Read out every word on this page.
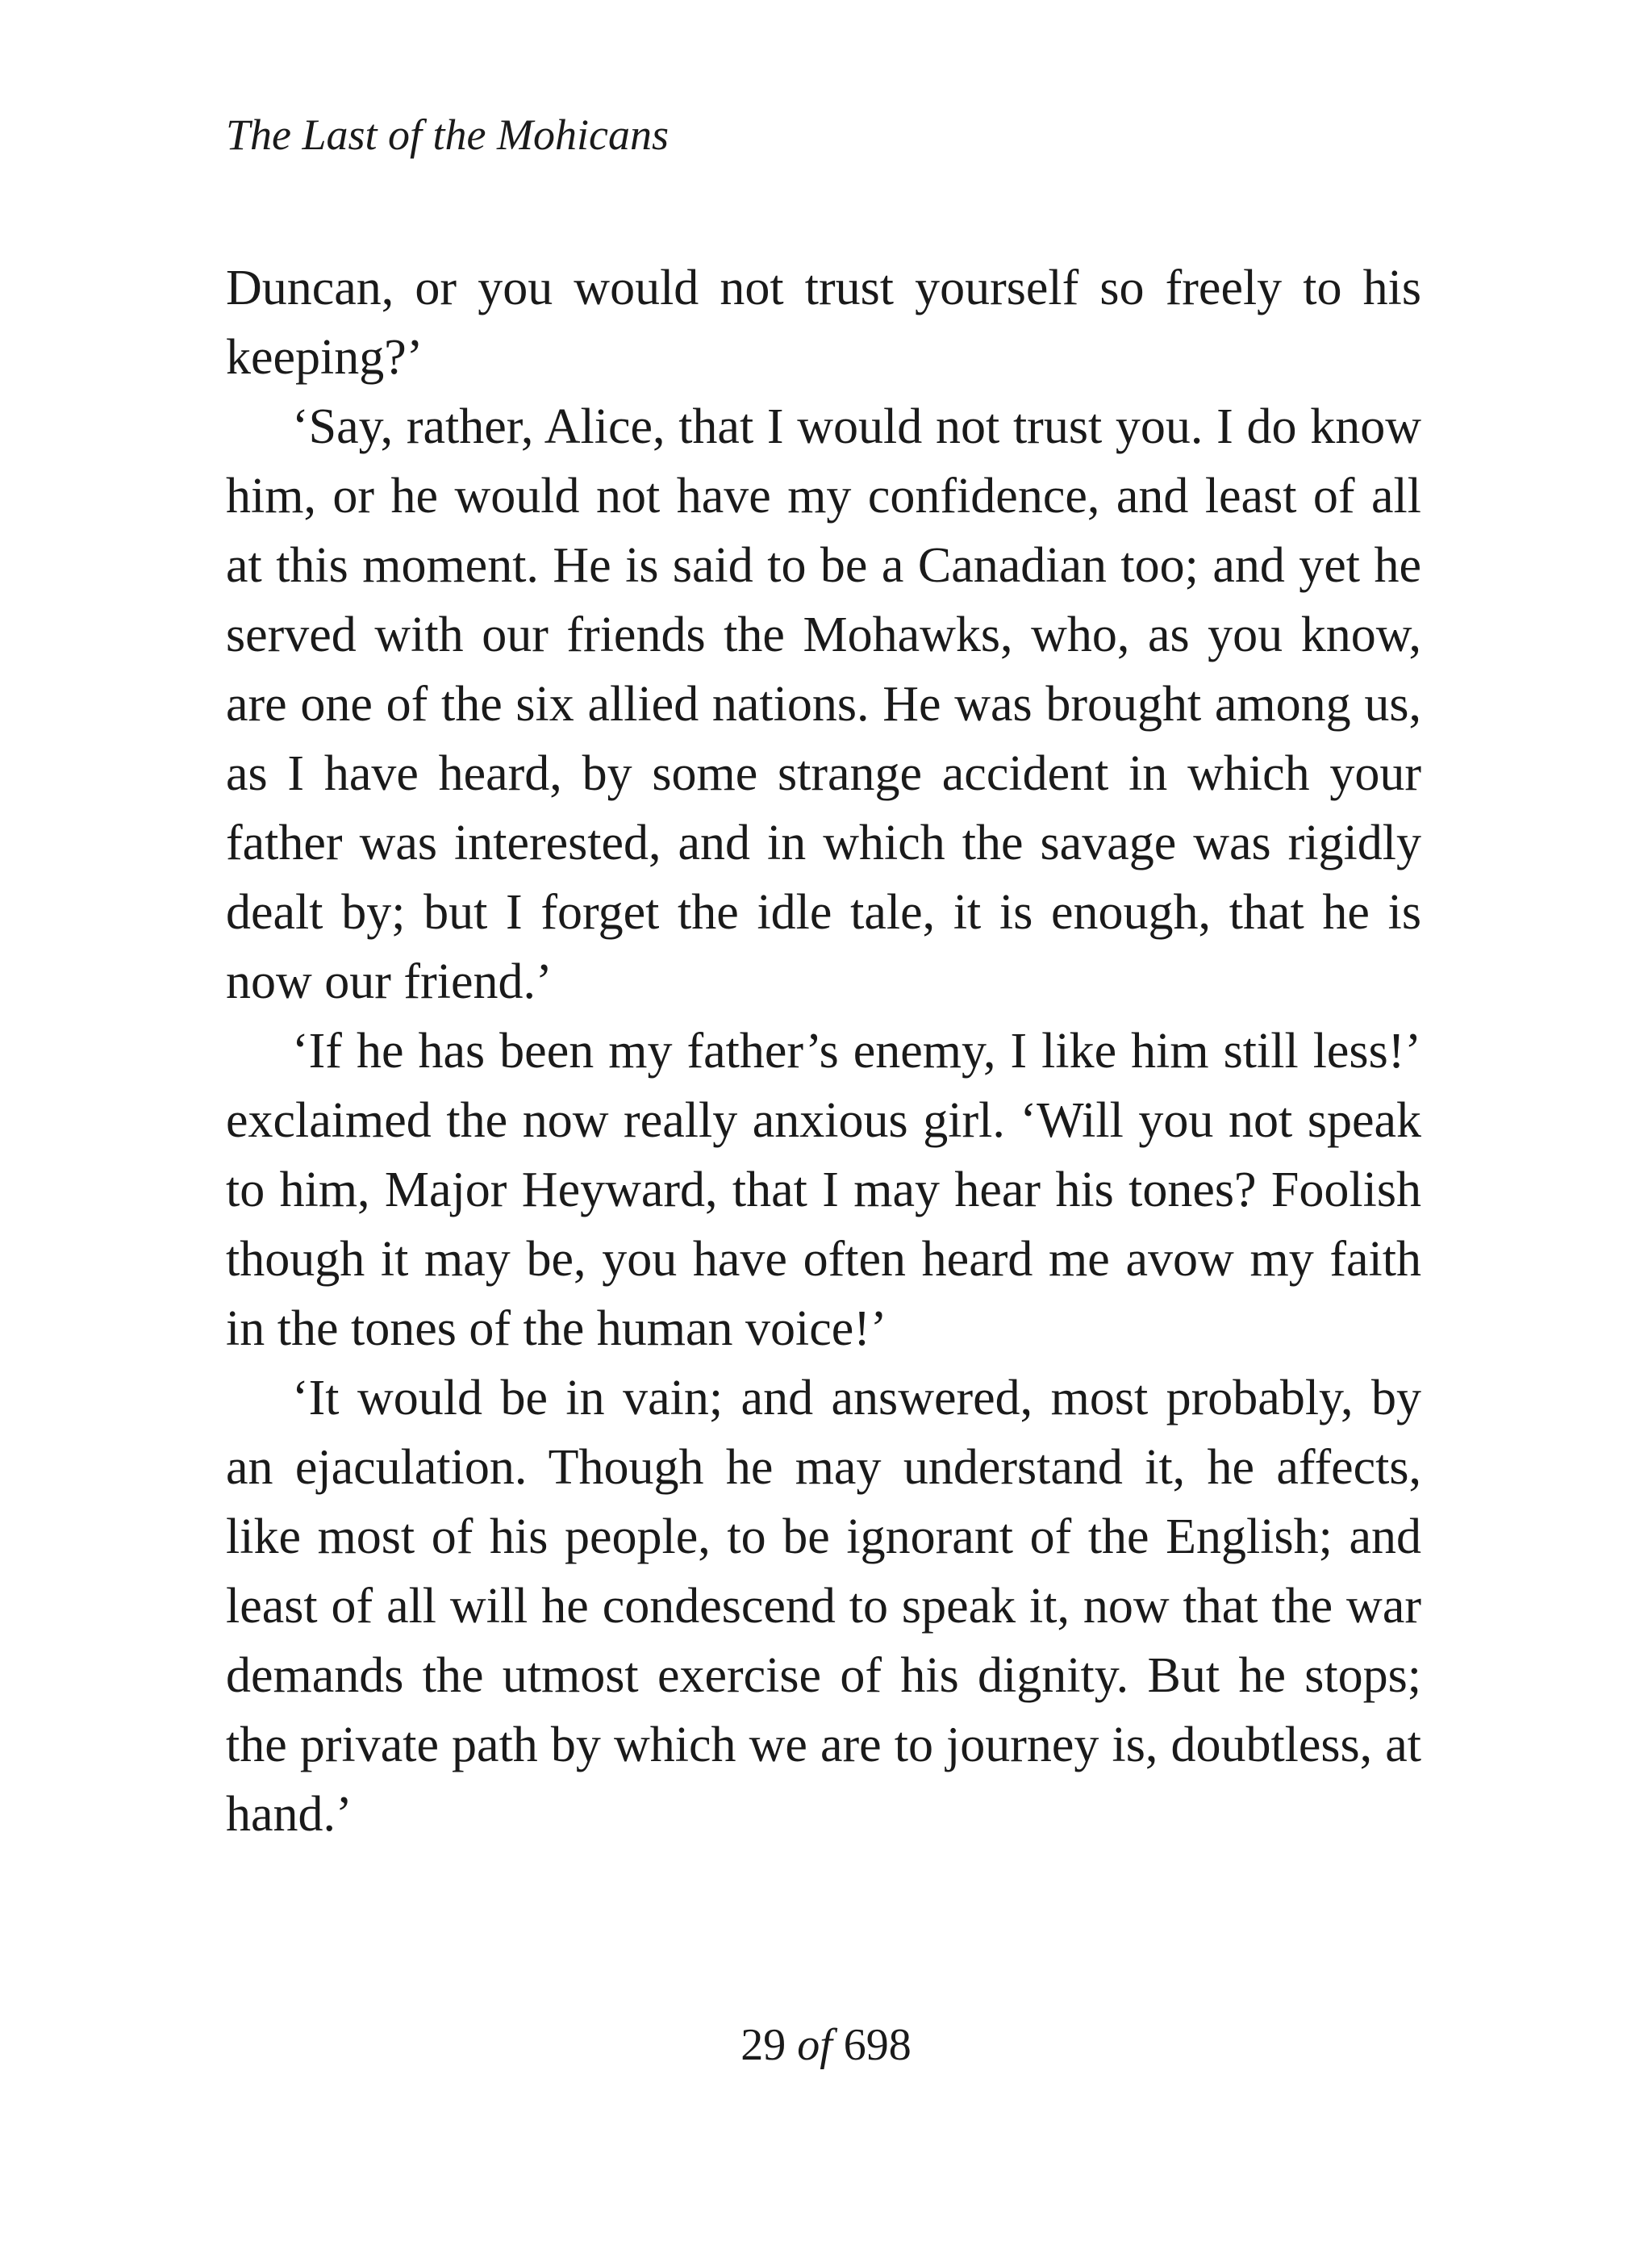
The Last of the Mohicans

Duncan, or you would not trust yourself so freely to his keeping?’

‘Say, rather, Alice, that I would not trust you. I do know him, or he would not have my confidence, and least of all at this moment. He is said to be a Canadian too; and yet he served with our friends the Mohawks, who, as you know, are one of the six allied nations. He was brought among us, as I have heard, by some strange accident in which your father was interested, and in which the savage was rigidly dealt by; but I forget the idle tale, it is enough, that he is now our friend.’

‘If he has been my father’s enemy, I like him still less!’ exclaimed the now really anxious girl. ‘Will you not speak to him, Major Heyward, that I may hear his tones? Foolish though it may be, you have often heard me avow my faith in the tones of the human voice!’

‘It would be in vain; and answered, most probably, by an ejaculation. Though he may understand it, he affects, like most of his people, to be ignorant of the English; and least of all will he condescend to speak it, now that the war demands the utmost exercise of his dignity. But he stops; the private path by which we are to journey is, doubtless, at hand.’

29 of 698
